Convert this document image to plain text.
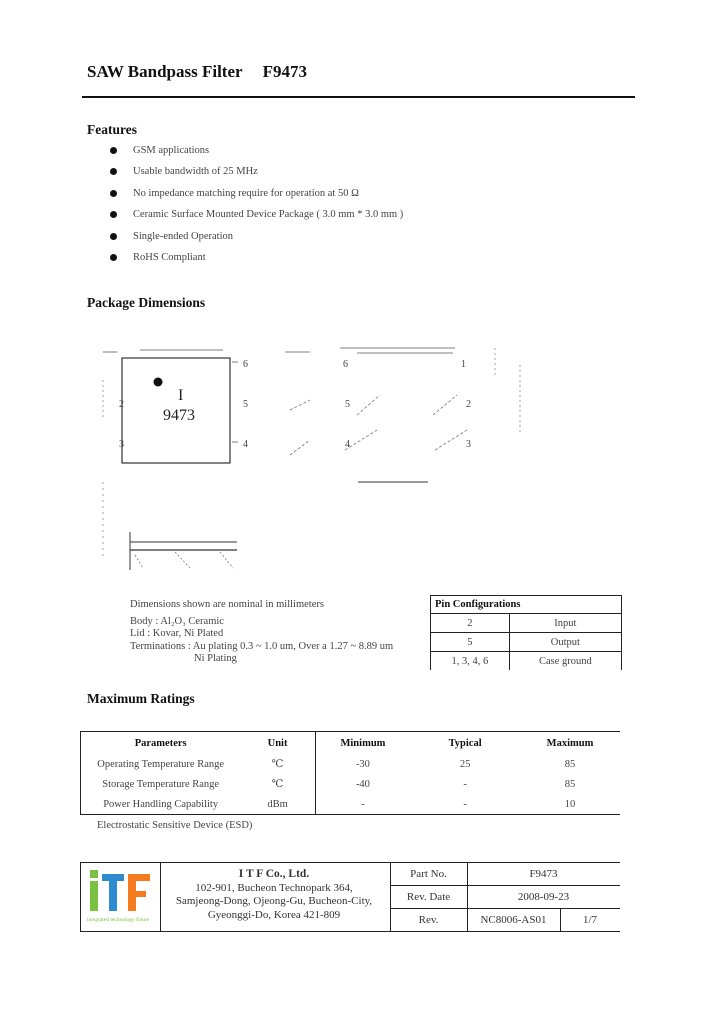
SAW Bandpass Filter F9473
Features
GSM applications
Usable bandwidth of 25 MHz
No impedance matching require for operation at 50 Ω
Ceramic Surface Mounted Device Package ( 3.0 mm * 3.0 mm )
Single-ended Operation
RoHS Compliant
Package Dimensions
I
9473
2
3
6
5
4
6
5
4
1
2
3
Dimensions shown are nominal in millimeters
Body : Al₂O₃ Ceramic
Lid : Kovar, Ni Plated
Terminations : Au plating 0.3 ~ 1.0 um, Over a 1.27 ~ 8.89 um
Ni Plating
Pin Configurations	
2	Input
5	Output
1, 3, 4, 6	Case ground
Maximum Ratings
Parameters	Unit	Minimum	Typical	Maximum
Operating Temperature Range	℃	-30	25	85
Storage Temperature Range	℃	-40	-	85
Power Handling Capability	dBm	-	-	10
Electrostatic Sensitive Device (ESD)
integrated technology future
I T F Co., Ltd.
102-901, Bucheon Technopark 364,
Samjeong-Dong, Ojeong-Gu, Bucheon-City,
Gyeonggi-Do, Korea 421-809
Part No.	F9473
Rev. Date	2008-09-23
Rev.	NC8006-AS01	1/7
